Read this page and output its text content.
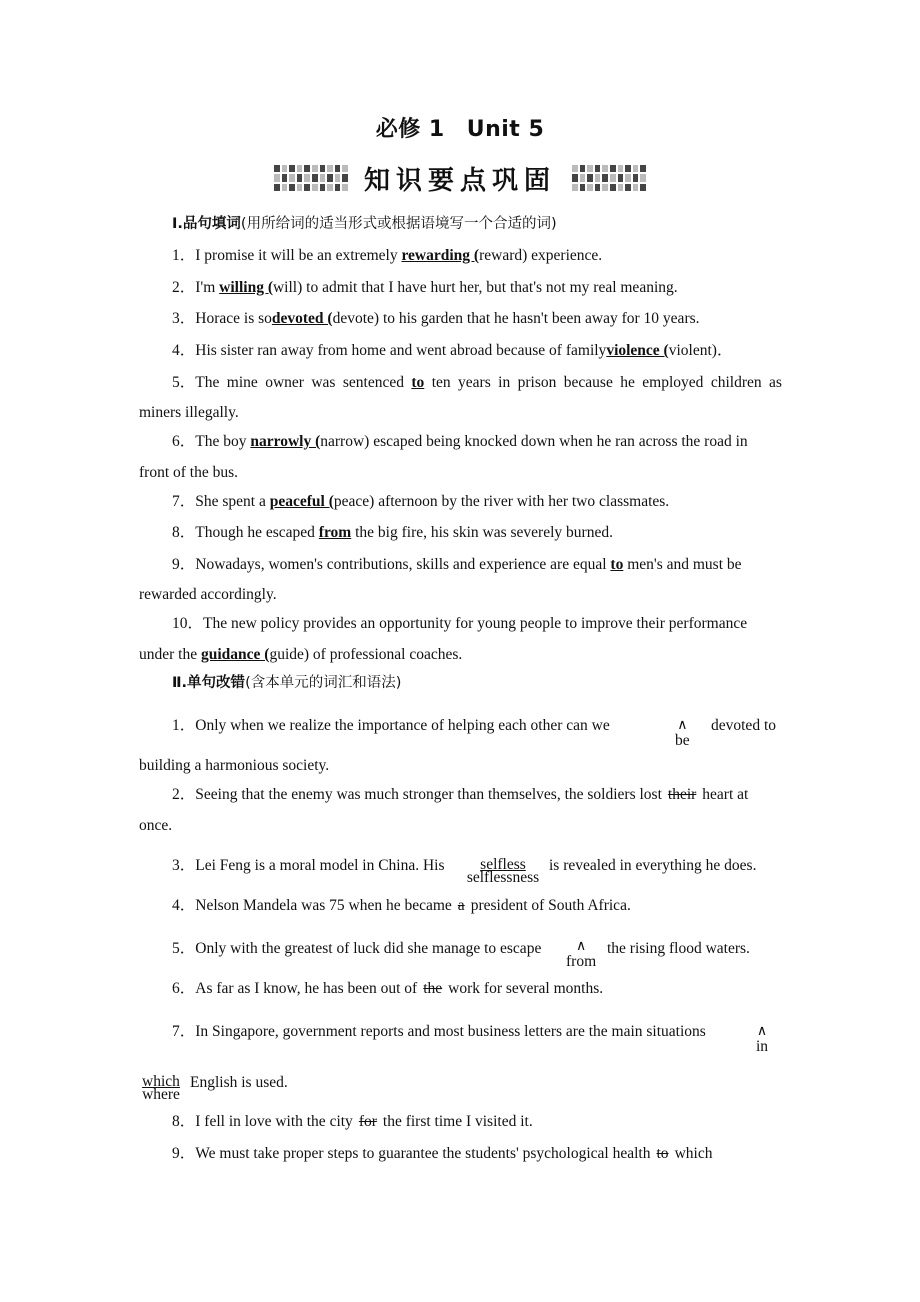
必修 1 Unit 5
知识要点巩固
Ⅰ.品句填词(用所给词的适当形式或根据语境写一个合适的词)
1．I promise it will be an extremely rewarding (reward) experience.
2．I'm willing (will) to admit that I have hurt her, but that's not my real meaning.
3．Horace is sodevoted (devote) to his garden that he hasn't been away for 10 years.
4．His sister ran away from home and went abroad because of familyviolence (violent)．
5．The mine owner was sentenced to ten years in prison because he employed children as
miners illegally.
6．The boy narrowly (narrow) escaped being knocked down when he ran across the road in
front of the bus.
7．She spent a peaceful (peace) afternoon by the river with her two classmates.
8．Though he escaped from the big fire, his skin was severely burned.
9．Nowadays, women's contributions, skills and experience are equal to men's and must be
rewarded accordingly.
10．The new policy provides an opportunity for young people to improve their performance
under the guidance (guide) of professional coaches.
Ⅱ.单句改错(含本单元的词汇和语法)
1．Only when we realize the importance of helping each other can we	∧
be
devoted to
building a harmonious society.
2．Seeing that the enemy was much stronger than themselves, the soldiers lost their heart at
once.
3．Lei Feng is a moral model in China. His	selfless
selflessness
is revealed in everything he does.
4．Nelson Mandela was 75 when he became a president of South Africa.
5．Only with the greatest of luck did she manage to escape	∧
from
the rising flood waters.
6．As far as I know, he has been out of the work for several months.
7．In Singapore, government reports and most business letters are the main situations	∧
in
which
where
English is used.
8．I fell in love with the city for the first time I visited it.
9．We must take proper steps to guarantee the students' psychological health to which
